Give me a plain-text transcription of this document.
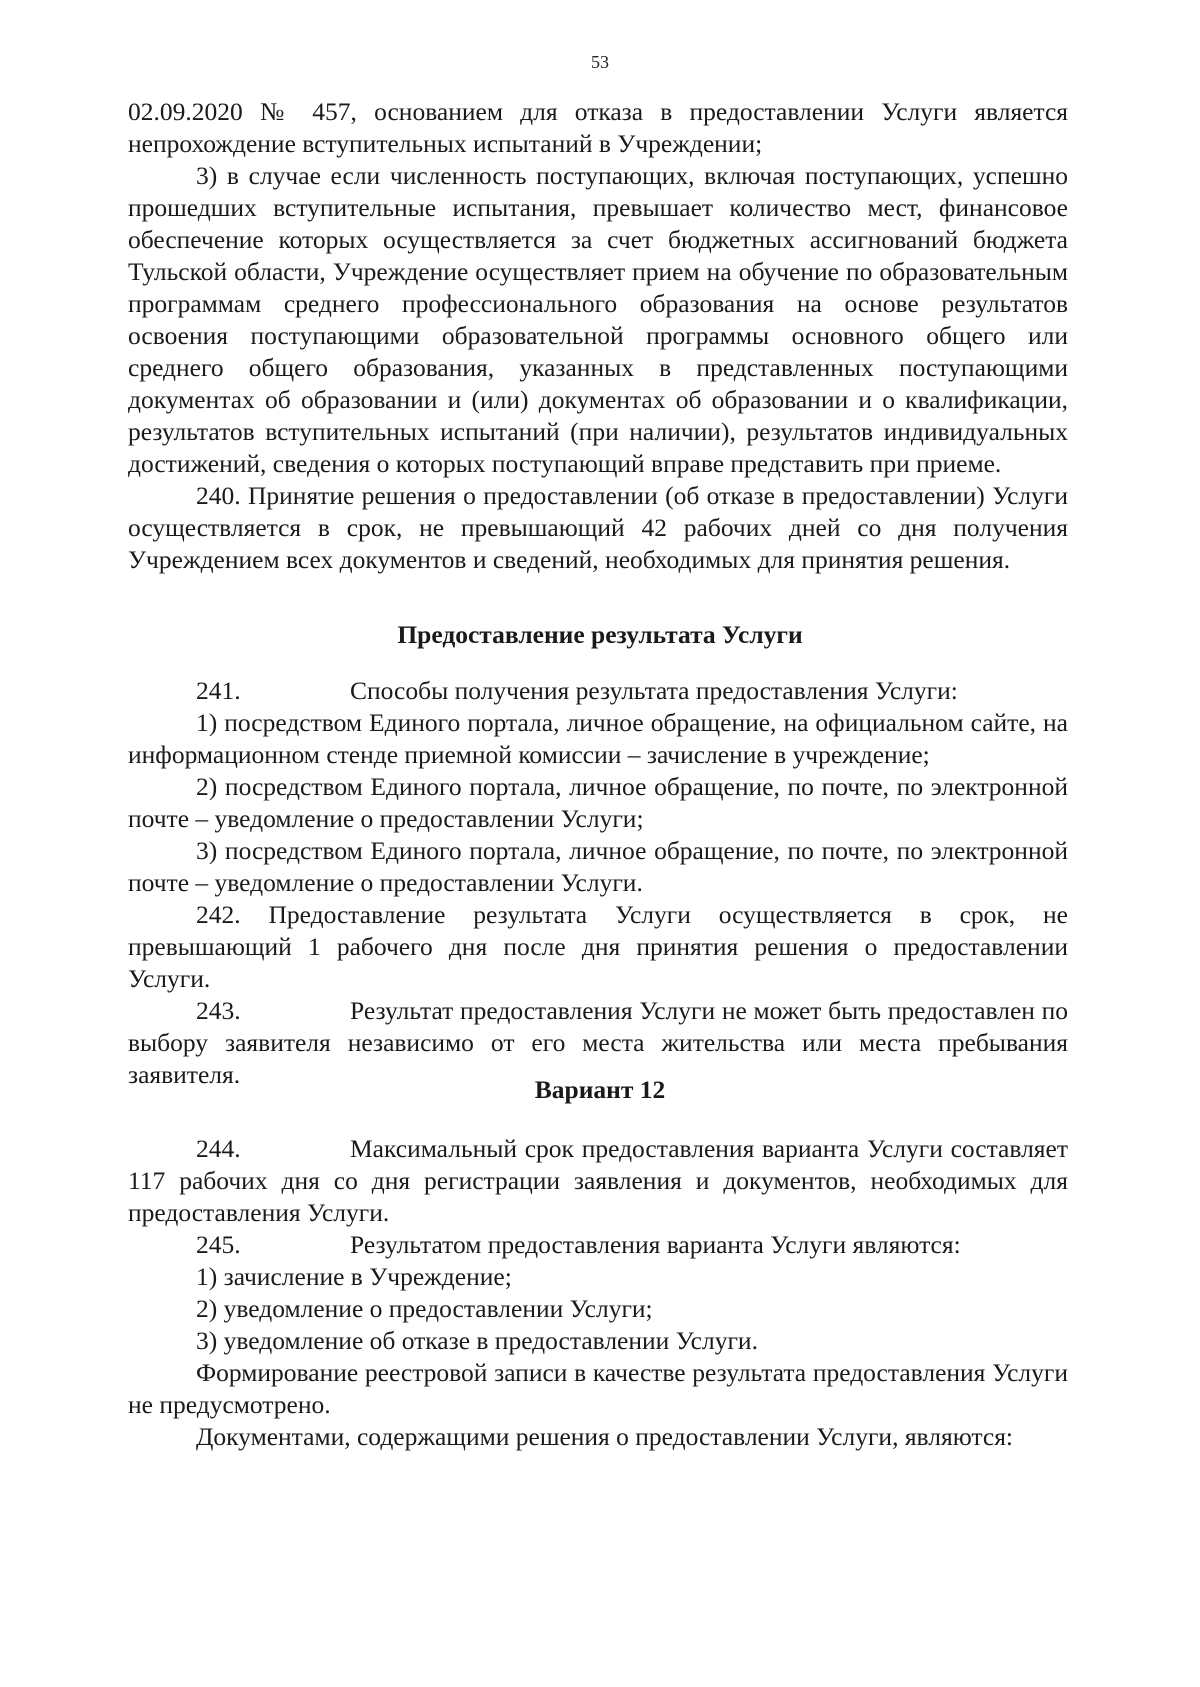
53

02.09.2020 № 457, основанием для отказа в предоставлении Услуги является непрохождение вступительных испытаний в Учреждении;

3) в случае если численность поступающих, включая поступающих, успешно прошедших вступительные испытания, превышает количество мест, финансовое обеспечение которых осуществляется за счет бюджетных ассигнований бюджета Тульской области, Учреждение осуществляет прием на обучение по образовательным программам среднего профессионального образования на основе результатов освоения поступающими образовательной программы основного общего или среднего общего образования, указанных в представленных поступающими документах об образовании и (или) документах об образовании и о квалификации, результатов вступительных испытаний (при наличии), результатов индивидуальных достижений, сведения о которых поступающий вправе представить при приеме.

240. Принятие решения о предоставлении (об отказе в предоставлении) Услуги осуществляется в срок, не превышающий 42 рабочих дней со дня получения Учреждением всех документов и сведений, необходимых для принятия решения.

Предоставление результата Услуги

241.	Способы получения результата предоставления Услуги:

1) посредством Единого портала, личное обращение, на официальном сайте, на информационном стенде приемной комиссии – зачисление в учреждение;

2) посредством Единого портала, личное обращение, по почте, по электронной почте – уведомление о предоставлении Услуги;

3) посредством Единого портала, личное обращение, по почте, по электронной почте – уведомление о предоставлении Услуги.

242. Предоставление результата Услуги осуществляется в срок, не превышающий 1 рабочего дня после дня принятия решения о предоставлении Услуги.

243.	Результат предоставления Услуги не может быть предоставлен по выбору заявителя независимо от его места жительства или места пребывания заявителя.

Вариант 12

244.	Максимальный срок предоставления варианта Услуги составляет 117 рабочих дня со дня регистрации заявления и документов, необходимых для предоставления Услуги.

245.	Результатом предоставления варианта Услуги являются:

1) зачисление в Учреждение;

2) уведомление о предоставлении Услуги;

3) уведомление об отказе в предоставлении Услуги.

Формирование реестровой записи в качестве результата предоставления Услуги не предусмотрено.

Документами, содержащими решения о предоставлении Услуги, являются:
